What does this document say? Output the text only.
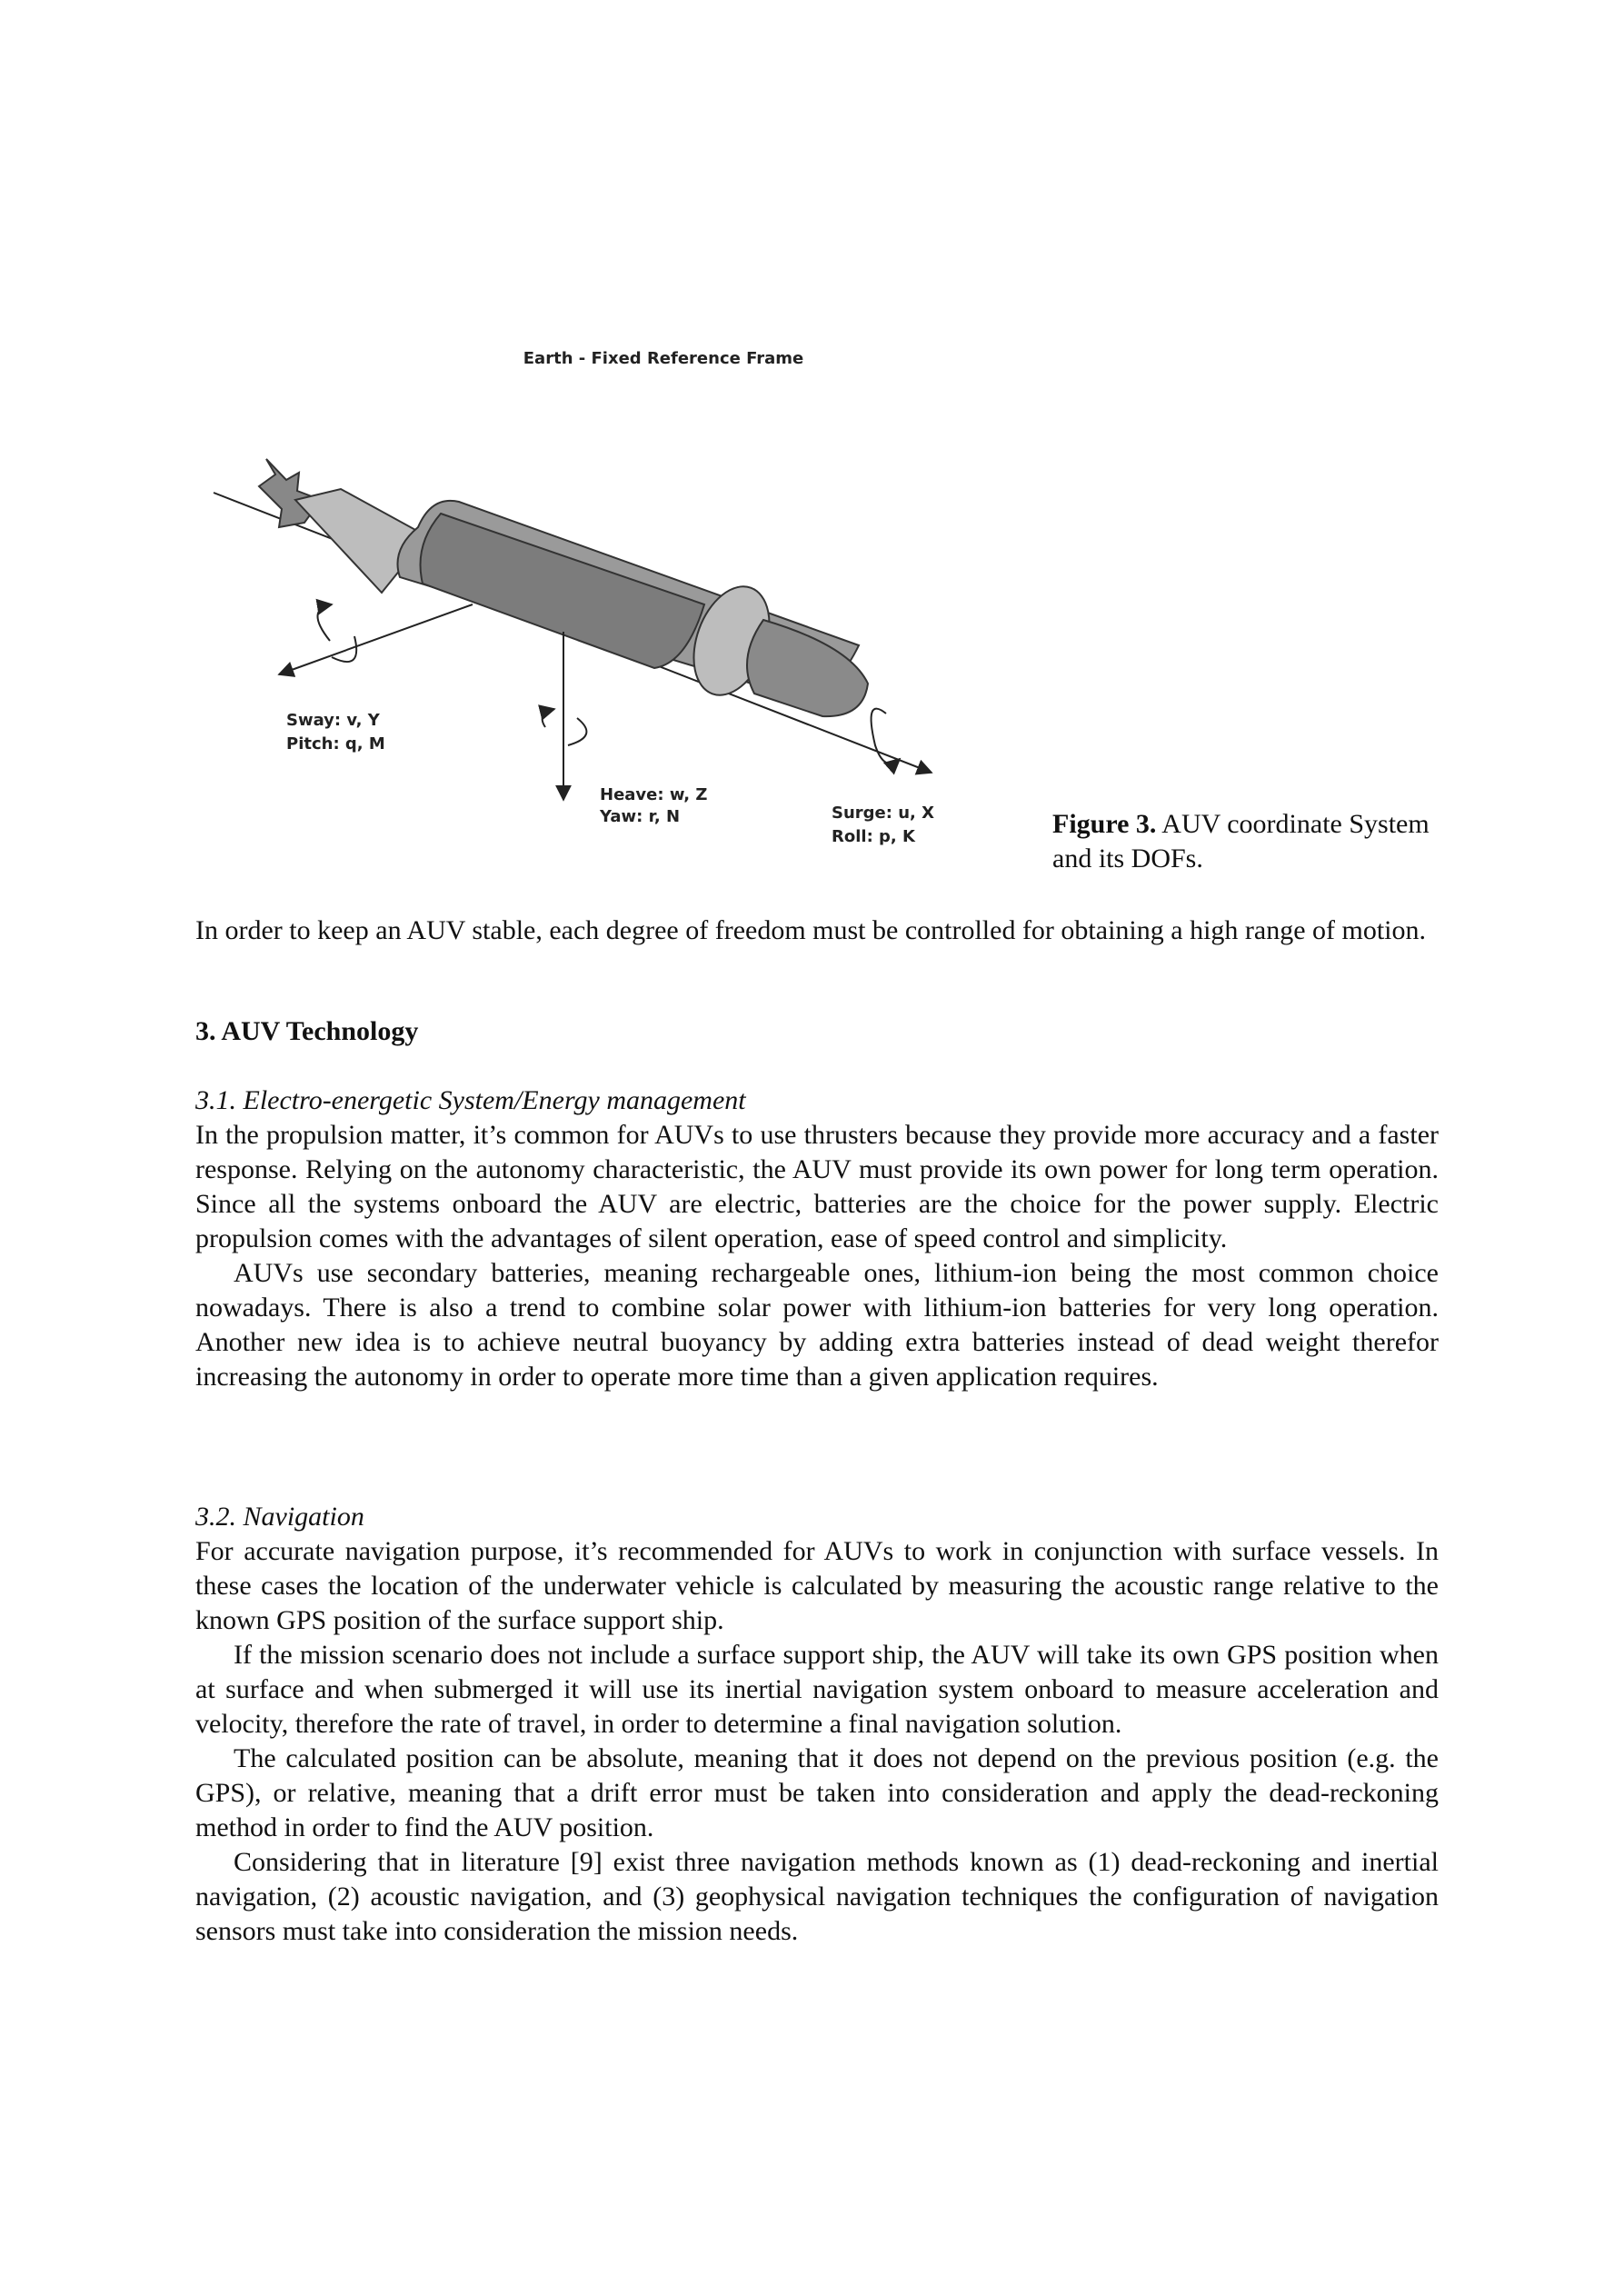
Earth - Fixed Reference Frame
Sway: v, Y
Pitch: q, M
Heave: w, Z
Yaw: r, N	Surge: u, X
Roll: p, K	Figure 3. AUV coordinate System and its DOFs.

In order to keep an AUV stable, each degree of freedom must be controlled for obtaining a high range of motion.

3. AUV Technology
3.1. Electro-energetic System/Energy management

In the propulsion matter, it’s common for AUVs to use thrusters because they provide more accuracy and a faster response. Relying on the autonomy characteristic, the AUV must provide its own power for long term operation. Since all the systems onboard the AUV are electric, batteries are the choice for the power supply. Electric propulsion comes with the advantages of silent operation, ease of speed control and simplicity.

AUVs use secondary batteries, meaning rechargeable ones, lithium-ion being the most common choice nowadays. There is also a trend to combine solar power with lithium-ion batteries for very long operation. Another new idea is to achieve neutral buoyancy by adding extra batteries instead of dead weight therefor increasing the autonomy in order to operate more time than a given application requires.

3.2. Navigation

For accurate navigation purpose, it’s recommended for AUVs to work in conjunction with surface vessels. In these cases the location of the underwater vehicle is calculated by measuring the acoustic range relative to the known GPS position of the surface support ship.

If the mission scenario does not include a surface support ship, the AUV will take its own GPS position when at surface and when submerged it will use its inertial navigation system onboard to measure acceleration and velocity, therefore the rate of travel, in order to determine a final navigation solution.

The calculated position can be absolute, meaning that it does not depend on the previous position (e.g. the GPS), or relative, meaning that a drift error must be taken into consideration and apply the dead-reckoning method in order to find the AUV position.

Considering that in literature [9] exist three navigation methods known as (1) dead-reckoning and inertial navigation, (2) acoustic navigation, and (3) geophysical navigation techniques the configuration of navigation sensors must take into consideration the mission needs.
